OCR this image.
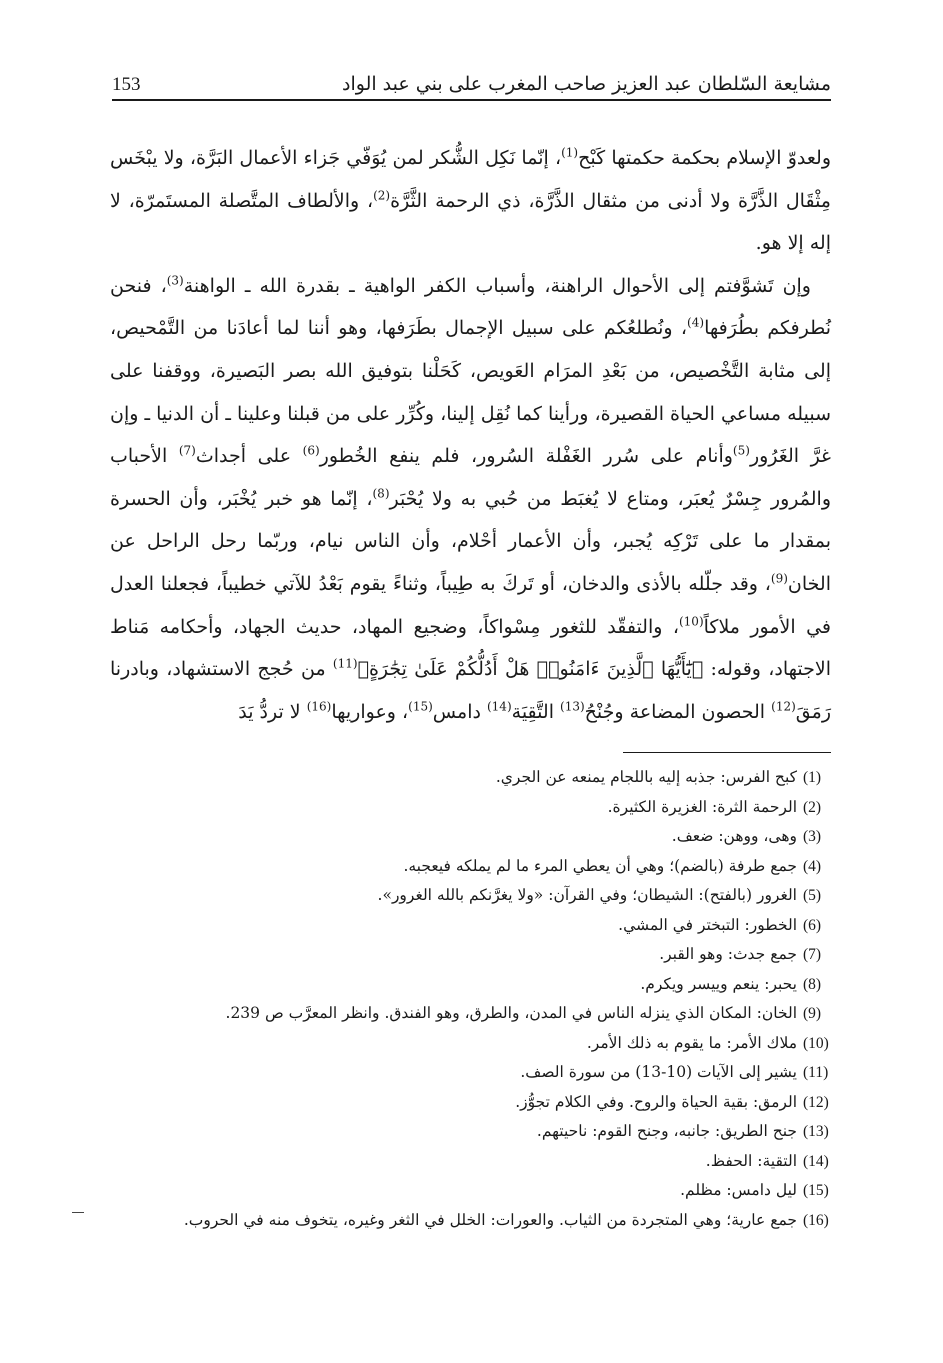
مشايعة السّلطان عبد العزيز صاحب المغرب على بني عبد الواد
153

ولعدوّ الإسلام بحكمة حكمتها كَبْح$^{(1)}$، إنّما نَكِل الشُّكر لمن يُوَفّي جَزاء الأعمال البَرَّة، ولا يبْخَس مِثْقَال الذَّرَّة ولا أدنى من مثقال الذَّرَّة، ذي الرحمة الثَّرَّة$^{(2)}$، والألطاف المتَّصلة المستَمرّة، لا إله إلا هو.

وإن تَشوَّفتم إلى الأحوال الراهنة، وأسباب الكفر الواهية ـ بقدرة الله ـ الواهنة$^{(3)}$، فنحن نُطرفكم بطُرَفها$^{(4)}$، ونُطلعُكم على سبيل الإجمال بطَرَفها، وهو أننا لما أعادَنا من التَّمْحيص، إلى مثابة التَّخْصيص، من بَعْدِ المرَام العَويص، كَحَلْنا بتوفيق الله بصر البَصيرة، ووقفنا على سبيله مساعي الحياة القصيرة، ورأينا كما نُقِل إلينا، وكُرِّر على من قبلنا وعلينا ـ أن الدنيا ـ وإن غرَّ الغَرُور$^{(5)}$وأنام على سُرر الغَفْلة السُرور، فلم ينفع الخُطور$^{(6)}$ على أجداث$^{(7)}$ الأحباب والمُرور جِسْرٌ يُعبَر، ومتاع لا يُغبَط من حُبي به ولا يُحْبَر$^{(8)}$، إنّما هو خبر يُخْبَر، وأن الحسرة بمقدار ما على تَرْكِه يُجبر، وأن الأعمار أحْلام، وأن الناس نيام، وربّما رحل الراحل عن الخان$^{(9)}$، وقد جلّله بالأذى والدخان، أو تَركَ به طِيباً، وثناءً يقوم بَعْدُ للآتي خطيباً، فجعلنا العدل في الأمور ملاكاً$^{(10)}$، والتفقّد للثغور مِسْواكاً، وضجيع المهاد، حديث الجهاد، وأحكامه مَناط الاجتهاد، وقوله: ﴿يَٰٓأَيُّهَا ٱلَّذِينَ ءَامَنُوا۟ هَلْ أَدُلُّكُمْ عَلَىٰ تِجَٰرَةٍ﴾$^{(11)}$ من حُجج الاستشهاد، وبادرنا رَمَقَ$^{(12)}$ الحصون المضاعة وجُنْحُ$^{(13)}$ التَّقِيَة$^{(14)}$ دامس$^{(15)}$، وعواريها$^{(16)}$ لا تردُّ يَدَ

(1)
كبح الفرس: جذبه إليه باللجام يمنعه عن الجري.
(2)
الرحمة الثرة: الغزيرة الكثيرة.
(3)
وهى، ووهن: ضعف.
(4)
جمع طرفة (بالضم)؛ وهي أن يعطي المرء ما لم يملكه فيعجبه.
(5)
الغرور (بالفتح): الشيطان؛ وفي القرآن: «ولا يغرَّنكم بالله الغرور».
(6)
الخطور: التبختر في المشي.
(7)
جمع جدث: وهو القبر.
(8)
يحبر: ينعم وييسر ويكرم.
(9)
الخان: المكان الذي ينزله الناس في المدن، والطرق، وهو الفندق. وانظر المعرَّب ص 239.
(10)
ملاك الأمر: ما يقوم به ذلك الأمر.
(11)
يشير إلى الآيات (10-13) من سورة الصف.
(12)
الرمق: بقية الحياة والروح. وفي الكلام تجوُّز.
(13)
جنح الطريق: جانبه، وجنح القوم: ناحيتهم.
(14)
التقية: الحفظ.
(15)
ليل دامس: مظلم.
(16)
جمع عارية؛ وهي المتجردة من الثياب. والعورات: الخلل في الثغر وغيره، يتخوف منه في الحروب.
